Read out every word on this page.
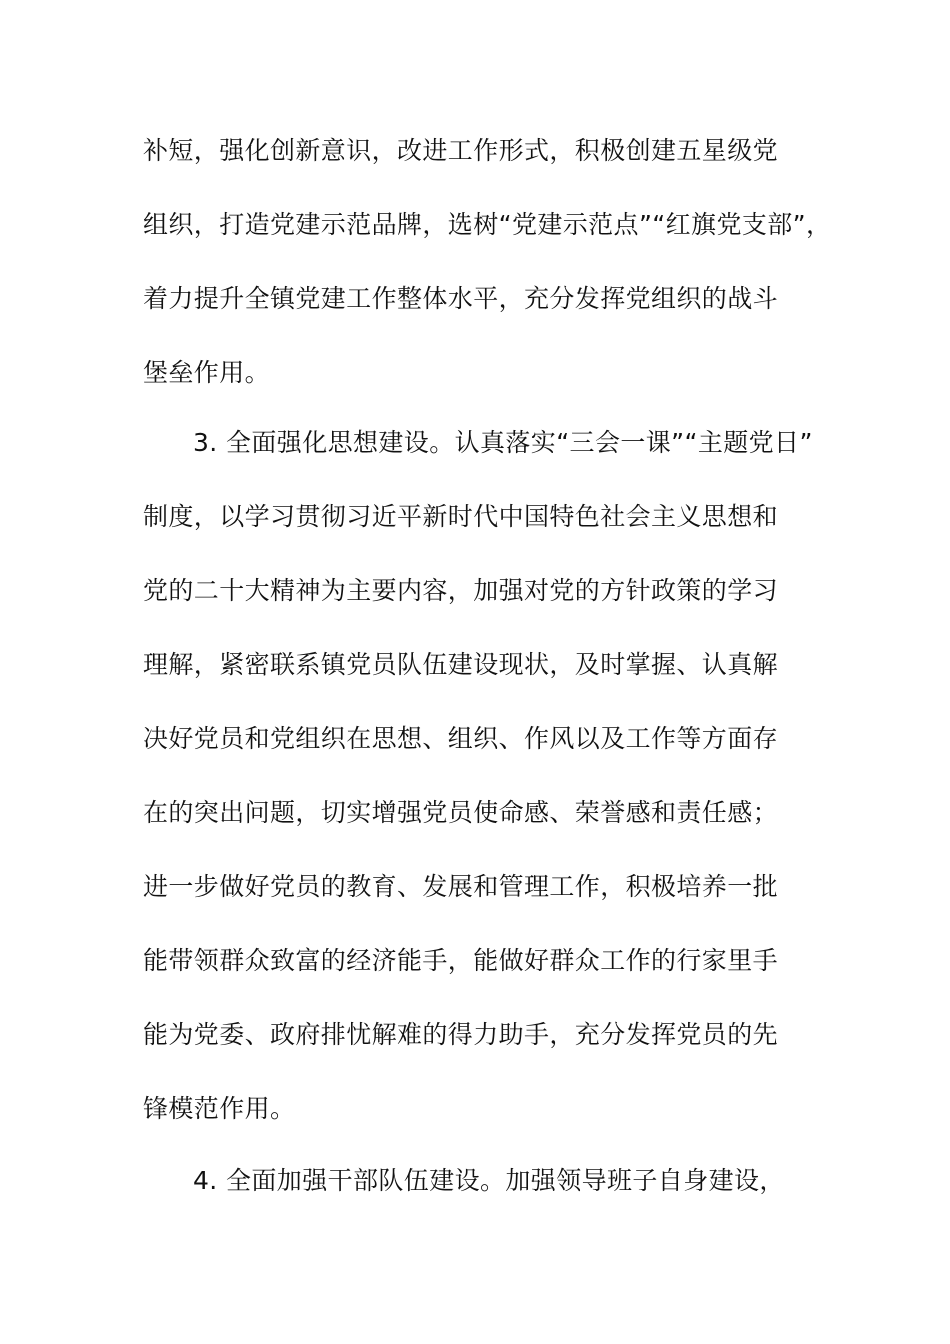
补短，强化创新意识，改进工作形式，积极创建五星级党
组织，打造党建示范品牌，选树“党建示范点”“红旗党支部”，
着力提升全镇党建工作整体水平，充分发挥党组织的战斗
堡垒作用。
3. 全面强化思想建设。认真落实“三会一课”“主题党日”
制度，以学习贯彻习近平新时代中国特色社会主义思想和
党的二十大精神为主要内容，加强对党的方针政策的学习
理解，紧密联系镇党员队伍建设现状，及时掌握、认真解
决好党员和党组织在思想、组织、作风以及工作等方面存
在的突出问题，切实增强党员使命感、荣誉感和责任感；
进一步做好党员的教育、发展和管理工作，积极培养一批
能带领群众致富的经济能手，能做好群众工作的行家里手
能为党委、政府排忧解难的得力助手，充分发挥党员的先
锋模范作用。
4. 全面加强干部队伍建设。加强领导班子自身建设，
